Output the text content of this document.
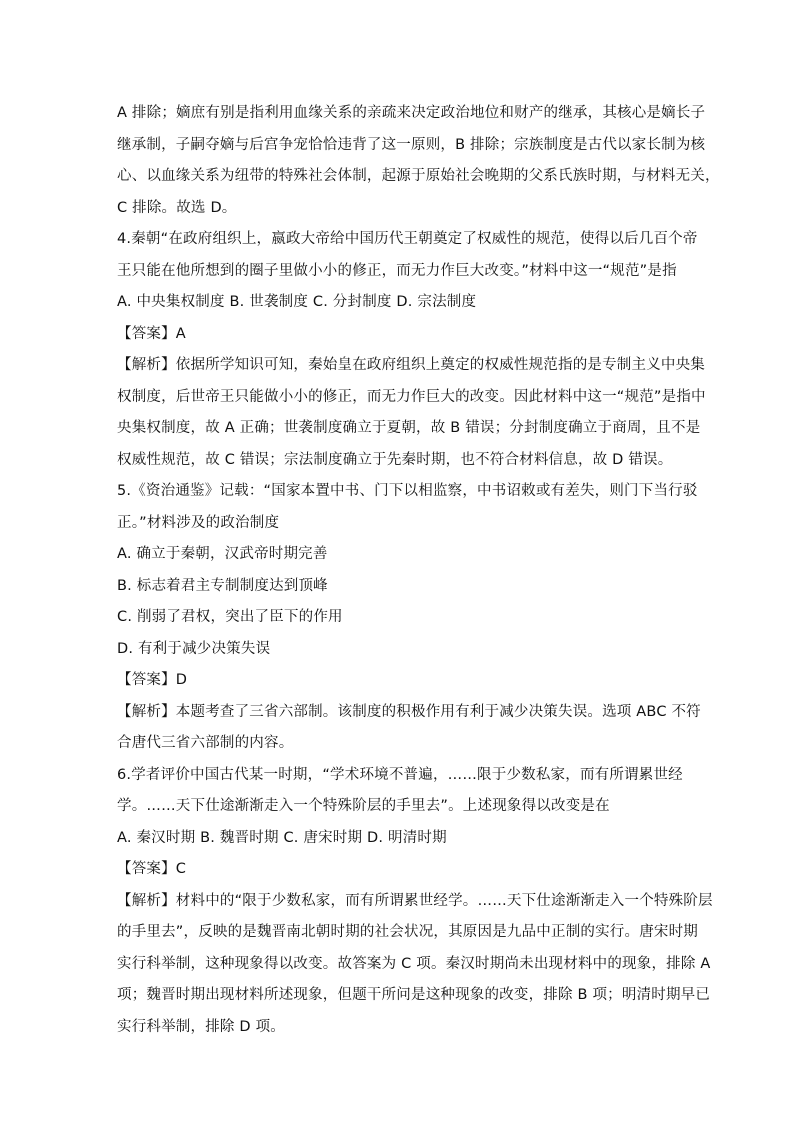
A 排除；嫡庶有别是指利用血缘关系的亲疏来决定政治地位和财产的继承，其核心是嫡长子
继承制，子嗣夺嫡与后宫争宠恰恰违背了这一原则，B 排除；宗族制度是古代以家长制为核
心、以血缘关系为纽带的特殊社会体制，起源于原始社会晚期的父系氏族时期，与材料无关，
C 排除。故选 D。
4.秦朝“在政府组织上，嬴政大帝给中国历代王朝奠定了权威性的规范，使得以后几百个帝
王只能在他所想到的圈子里做小小的修正，而无力作巨大改变。”材料中这一“规范”是指
A. 中央集权制度 B. 世袭制度 C. 分封制度 D. 宗法制度
【答案】A
【解析】依据所学知识可知，秦始皇在政府组织上奠定的权威性规范指的是专制主义中央集
权制度，后世帝王只能做小小的修正，而无力作巨大的改变。因此材料中这一“规范”是指中
央集权制度，故 A 正确；世袭制度确立于夏朝，故 B 错误；分封制度确立于商周，且不是
权威性规范，故 C 错误；宗法制度确立于先秦时期，也不符合材料信息，故 D 错误。
5.《资治通鉴》记载：“国家本置中书、门下以相监察，中书诏敕或有差失，则门下当行驳
正。”材料涉及的政治制度
A. 确立于秦朝，汉武帝时期完善
B. 标志着君主专制制度达到顶峰
C. 削弱了君权，突出了臣下的作用
D. 有利于减少决策失误
【答案】D
【解析】本题考查了三省六部制。该制度的积极作用有利于减少决策失误。选项 ABC 不符
合唐代三省六部制的内容。
6.学者评价中国古代某一时期，“学术环境不普遍，……限于少数私家，而有所谓累世经
学。……天下仕途渐渐走入一个特殊阶层的手里去”。上述现象得以改变是在
A. 秦汉时期 B. 魏晋时期 C. 唐宋时期 D. 明清时期
【答案】C
【解析】材料中的“限于少数私家，而有所谓累世经学。……天下仕途渐渐走入一个特殊阶层
的手里去”，反映的是魏晋南北朝时期的社会状况，其原因是九品中正制的实行。唐宋时期
实行科举制，这种现象得以改变。故答案为 C 项。秦汉时期尚未出现材料中的现象，排除 A
项；魏晋时期出现材料所述现象，但题干所问是这种现象的改变，排除 B 项；明清时期早已
实行科举制，排除 D 项。
